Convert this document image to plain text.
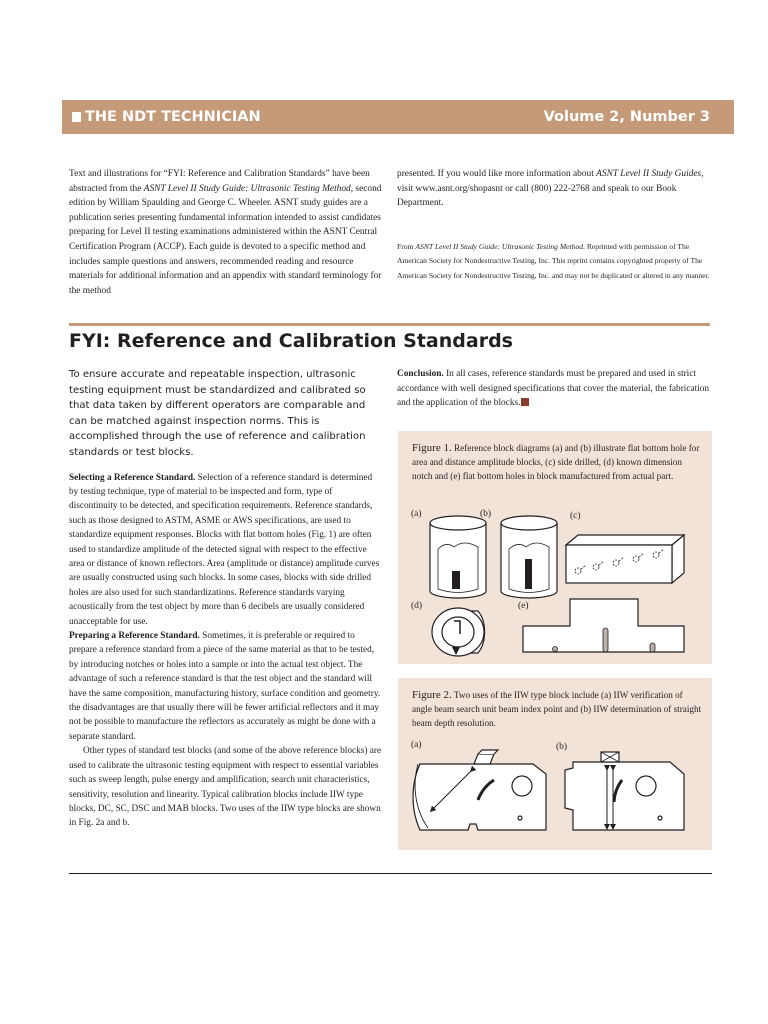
THE NDT TECHNICIAN	Volume 2, Number 3

Text and illustrations for “FYI: Reference and Calibration Standards” have been abstracted from the ASNT Level II Study Guide: Ultrasonic Testing Method, second edition by William Spaulding and George C. Wheeler. ASNT study guides are a publication series presenting fundamental information intended to assist candidates preparing for Level II testing examinations administered within the ASNT Central Certification Program (ACCP). Each guide is devoted to a specific method and includes sample questions and answers, recommended reading and resource materials for additional information and an appendix with standard terminology for the method

presented. If you would like more information about ASNT Level II Study Guides, visit www.asnt.org/shopasnt or call (800) 222-2768 and speak to our Book Department.

From ASNT Level II Study Guide: Ultrasonic Testing Method. Reprinted with permission of The American Society for Nondestructive Testing, Inc. This reprint contains copyrighted property of The American Society for Nondestructive Testing, Inc. and may not be duplicated or altered in any manner.
FYI: Reference and Calibration Standards

To ensure accurate and repeatable inspection, ultrasonic testing equipment must be standardized and calibrated so that data taken by different operators are comparable and can be matched against inspection norms. This is accomplished through the use of reference and calibration standards or test blocks.

Selecting a Reference Standard. Selection of a reference standard is determined by testing technique, type of material to be inspected and form, type of discontinuity to be detected, and specification requirements. Reference standards, such as those designed to ASTM, ASME or AWS specifications, are used to standardize equipment responses. Blocks with flat bottom holes (Fig. 1) are often used to standardize amplitude of the detected signal with respect to the effective area or distance of known reflectors. Area (amplitude or distance) amplitude curves are usually constructed using such blocks. In some cases, blocks with side drilled holes are also used for such standardizations. Reference standards varying acoustically from the test object by more than 6 decibels are usually considered unacceptable for use.

Preparing a Reference Standard. Sometimes, it is preferable or required to prepare a reference standard from a piece of the same material as that to be tested, by introducing notches or holes into a sample or into the actual test object. The advantage of such a reference standard is that the test object and the standard will have the same composition, manufacturing history, surface condition and geometry. the disadvantages are that usually there will be fewer artificial reflectors and it may not be possible to manufacture the reflectors as accurately as might be done with a separate standard.

Other types of standard test blocks (and some of the above reference blocks) are used to calibrate the ultrasonic testing equipment with respect to essential variables such as sweep length, pulse energy and amplification, search unit characteristics, sensitivity, resolution and linearity. Typical calibration blocks include IIW type blocks, DC, SC, DSC and MAB blocks. Two uses of the IIW type blocks are shown in Fig. 2a and b.

Conclusion. In all cases, reference standards must be prepared and used in strict accordance with well designed specifications that cover the material, the fabrication and the application of the blocks.

Figure 1. Reference block diagrams (a) and (b) illustrate flat bottom hole for area and distance amplitude blocks, (c) side drilled, (d) known dimension notch and (e) flat bottom holes in block manufactured from actual part.

(a)	(b)	(c)
(d)	(e)

Figure 2. Two uses of the IIW type block include (a) IIW verification of angle beam search unit beam index point and (b) IIW determination of straight beam depth resolution.

(a)	(b)
